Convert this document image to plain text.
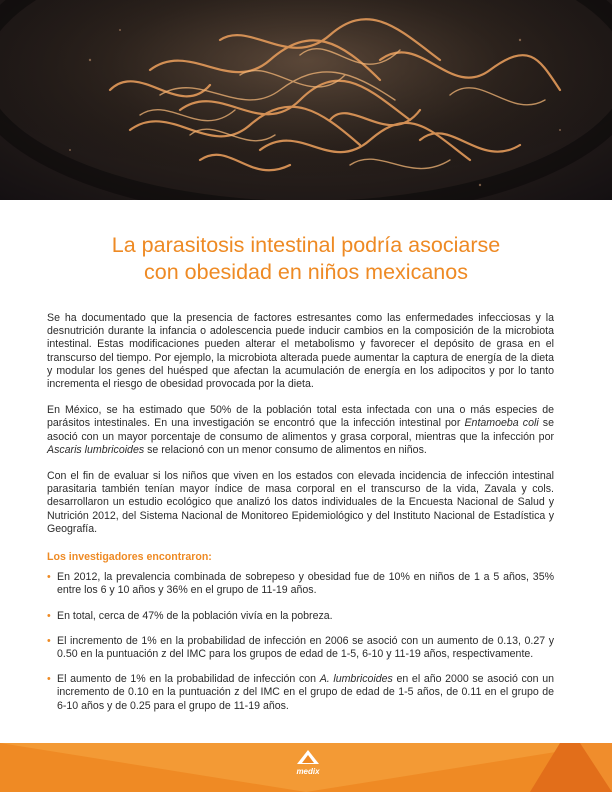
La parasitosis intestinal podría asociarse
con obesidad en niños mexicanos

Se ha documentado que la presencia de factores estresantes como las enfermedades infecciosas y la desnutrición durante la infancia o adolescencia puede inducir cambios en la composición de la microbiota intestinal. Estas modificaciones pueden alterar el metabolismo y favorecer el depósito de grasa en el transcurso del tiempo. Por ejemplo, la microbiota alterada puede aumentar la captura de energía de la dieta y modular los genes del huésped que afectan la acumulación de energía en los adipocitos y por lo tanto incrementa el riesgo de obesidad provocada por la dieta.

En México, se ha estimado que 50% de la población total esta infectada con una o más especies de parásitos intestinales. En una investigación se encontró que la infección intestinal por Entamoeba coli se asoció con un mayor porcentaje de consumo de alimentos y grasa corporal, mientras que la infección por Ascaris lumbricoides se relacionó con un menor consumo de alimentos en niños.

Con el fin de evaluar si los niños que viven en los estados con elevada incidencia de infección intestinal parasitaria también tenían mayor índice de masa corporal en el transcurso de la vida, Zavala y cols. desarrollaron un estudio ecológico que analizó los datos individuales de la Encuesta Nacional de Salud y Nutrición 2012, del Sistema Nacional de Monitoreo Epidemiológico y del Instituto Nacional de Estadística y Geografía.

Los investigadores encontraron:
• En 2012, la prevalencia combinada de sobrepeso y obesidad fue de 10% en niños de 1 a 5 años, 35% entre los 6 y 10 años y 36% en el grupo de 11-19 años.
• En total, cerca de 47% de la población vivía en la pobreza.
• El incremento de 1% en la probabilidad de infección en 2006 se asoció con un aumento de 0.13, 0.27 y 0.50 en la puntuación z del IMC para los grupos de edad de 1-5, 6-10 y 11-19 años, respectivamente.
• El aumento de 1% en la probabilidad de infección con A. lumbricoides en el año 2000 se asoció con un incremento de 0.10 en la puntuación z del IMC en el grupo de edad de 1-5 años, de 0.11 en el grupo de 6-10 años y de 0.25 para el grupo de 11-19 años.
medix
